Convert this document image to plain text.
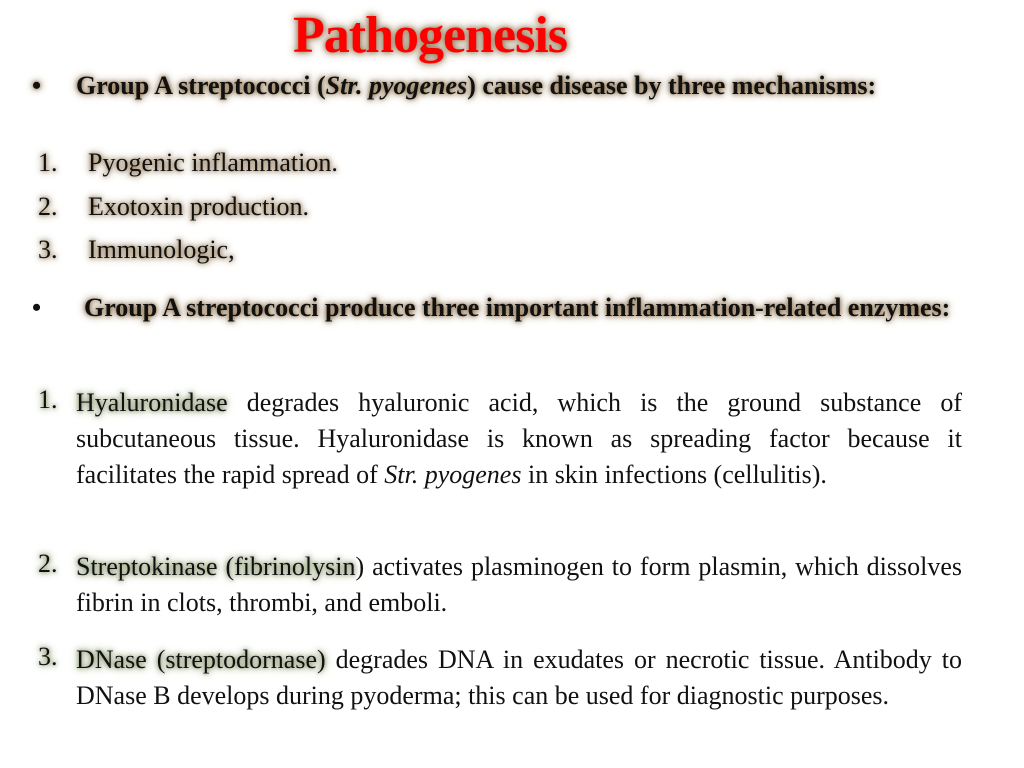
Pathogenesis
• Group A streptococci (Str. pyogenes) cause disease by three mechanisms:
1. Pyogenic inflammation.
2. Exotoxin production.
3. Immunologic,
• Group A streptococci produce three important inflammation-related enzymes:
1. Hyaluronidase degrades hyaluronic acid, which is the ground substance of subcutaneous tissue. Hyaluronidase is known as spreading factor because it facilitates the rapid spread of Str. pyogenes in skin infections (cellulitis).
2. Streptokinase (fibrinolysin) activates plasminogen to form plasmin, which dissolves fibrin in clots, thrombi, and emboli.
3. DNase (streptodornase) degrades DNA in exudates or necrotic tissue. Antibody to DNase B develops during pyoderma; this can be used for diagnostic purposes.
